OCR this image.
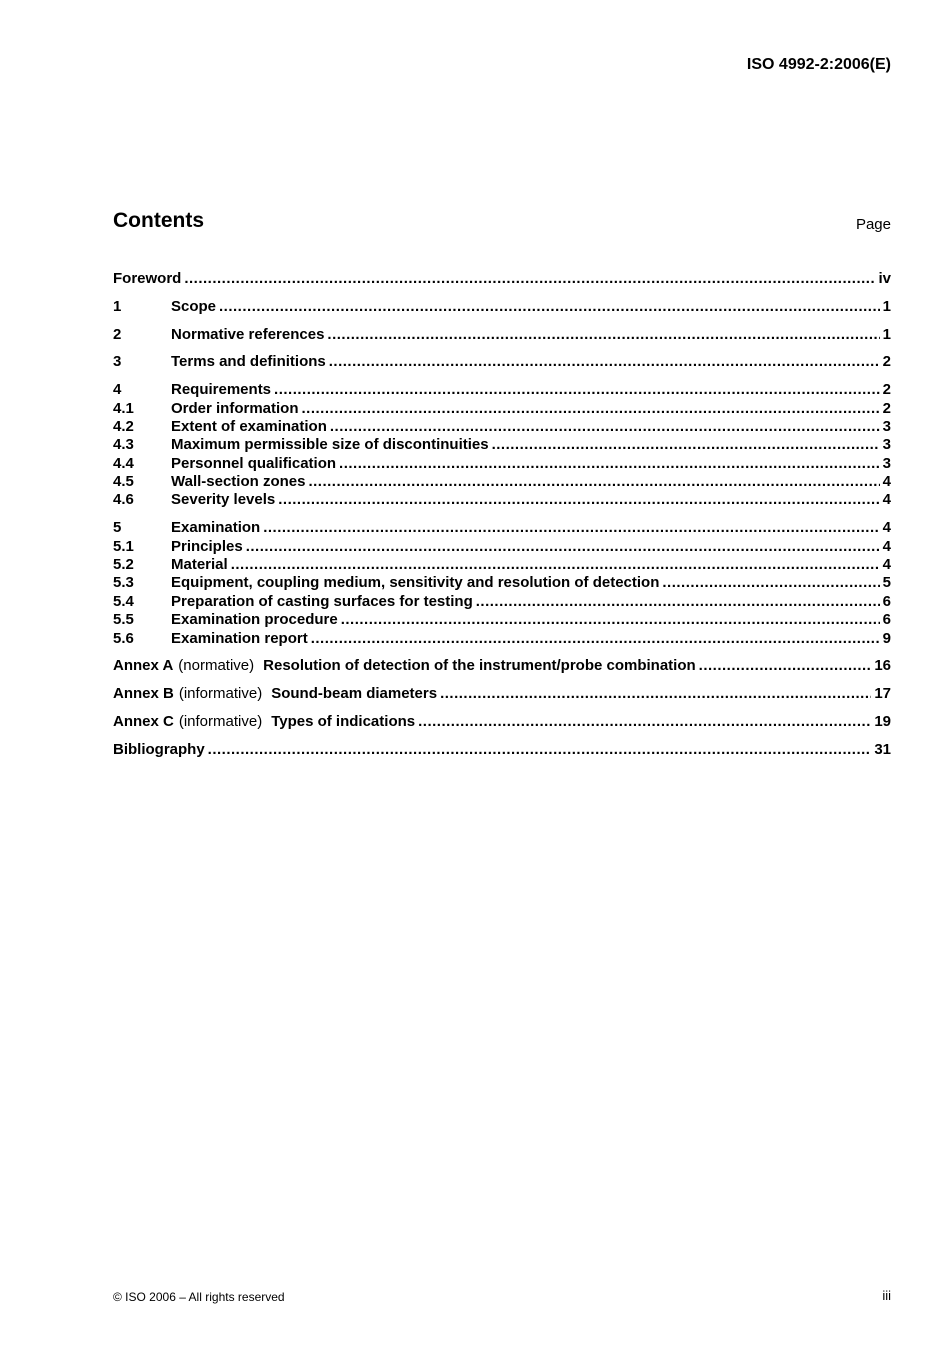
ISO 4992-2:2006(E)
Contents	Page
Foreword .....	iv
1	Scope .....	1
2	Normative references .....	1
3	Terms and definitions .....	2
4	Requirements .....	2
4.1	Order information .....	2
4.2	Extent of examination .....	3
4.3	Maximum permissible size of discontinuities .....	3
4.4	Personnel qualification .....	3
4.5	Wall-section zones .....	4
4.6	Severity levels .....	4
5	Examination .....	4
5.1	Principles .....	4
5.2	Material .....	4
5.3	Equipment, coupling medium, sensitivity and resolution of detection .....	5
5.4	Preparation of casting surfaces for testing .....	6
5.5	Examination procedure .....	6
5.6	Examination report .....	9
Annex A (normative) Resolution of detection of the instrument/probe combination .....	16
Annex B (informative) Sound-beam diameters .....	17
Annex C (informative) Types of indications .....	19
Bibliography .....	31
© ISO 2006 – All rights reserved	iii
